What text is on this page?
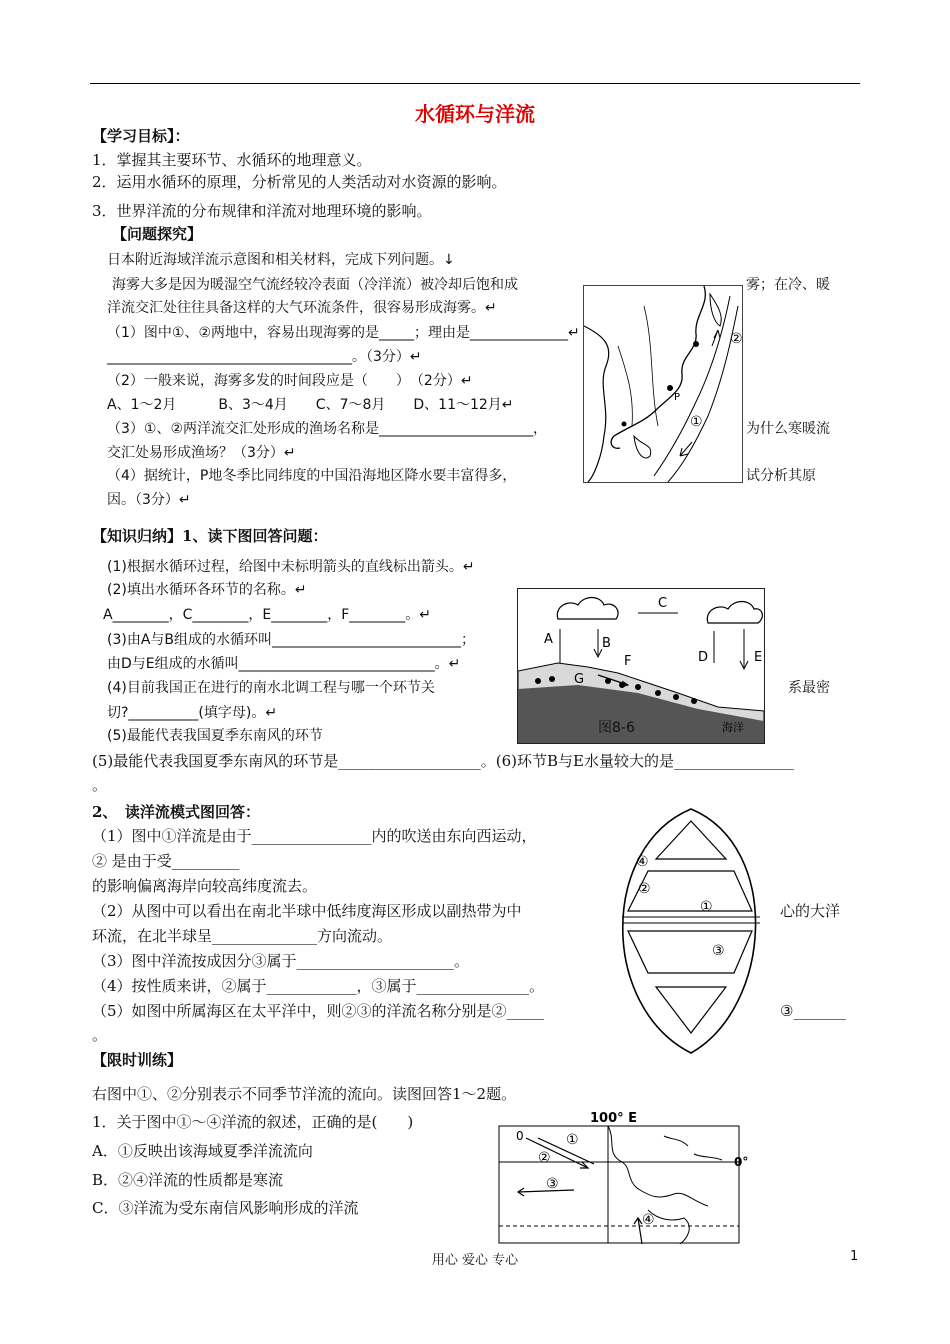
水循环与洋流
【学习目标】：
1．掌握其主要环节、水循环的地理意义。
2．运用水循环的原理，分析常见的人类活动对水资源的影响。
3．世界洋流的分布规律和洋流对地理环境的影响。
【问题探究】
日本附近海域洋流示意图和相关材料，完成下列问题。↓
海雾大多是因为暖湿空气流经较冷表面（冷洋流）被冷却后饱和成
洋流交汇处往往具备这样的大气环流条件，很容易形成海雾。↵
（1）图中①、②两地中，容易出现海雾的是_____；理由是______________↵
___________________________________。（3分）↵
（2）一般来说，海雾多发的时间段应是（　　）　（2分）↵
A、1～2月　　　B、3～4月　　C、7～8月　　D、11～12月↵
（3）①、②两洋流交汇处形成的渔场名称是______________________，
交汇处易形成渔场？（3分）↵
（4）据统计，P地冬季比同纬度的中国沿海地区降水要丰富得多，
因。（3分）↵
雾；在冷、暖
为什么寒暖流
试分析其原
②
①
P
【知识归纳】1、读下图回答问题：
(1)根据水循环过程，给图中未标明箭头的直线标出箭头。↵
(2)填出水循环各环节的名称。↵
A________，C________，E________，F________。↵
(3)由A与B组成的水循环叫___________________________；
由D与E组成的水循叫____________________________。↵
(4)目前我国正在进行的南水北调工程与哪一个环节关
切?__________(填字母)。↵
(5)最能代表我国夏季东南风的环节
(5)最能代表我国夏季东南风的环节是___________________。(6)环节B与E水量较大的是________________
。
系最密
C
A	B
D	E
F
G
海洋
图8-6
2、　读洋流模式图回答：
（1）图中①洋流是由于________________内的吹送由东向西运动，
② 是由于受_________
的影响偏离海岸向较高纬度流去。
（2）从图中可以看出在南北半球中低纬度海区形成以副热带为中
环流，在北半球呈______________方向流动。
（3）图中洋流按成因分③属于_____________________。
（4）按性质来讲，②属于____________，③属于_______________。
（5）如图中所属海区在太平洋中，则②③的洋流名称分别是②_____
。
心的大洋
③_______
④
②
①
③
【限时训练】
右图中①、②分别表示不同季节洋流的流向。读图回答1～2题。
1．关于图中①～④洋流的叙述，正确的是(　　)
A．①反映出该海域夏季洋流流向
B．②④洋流的性质都是寒流
C．③洋流为受东南信风影响形成的洋流
100° E
0°
0	①
②
③
④
用心 爱心 专心	1
